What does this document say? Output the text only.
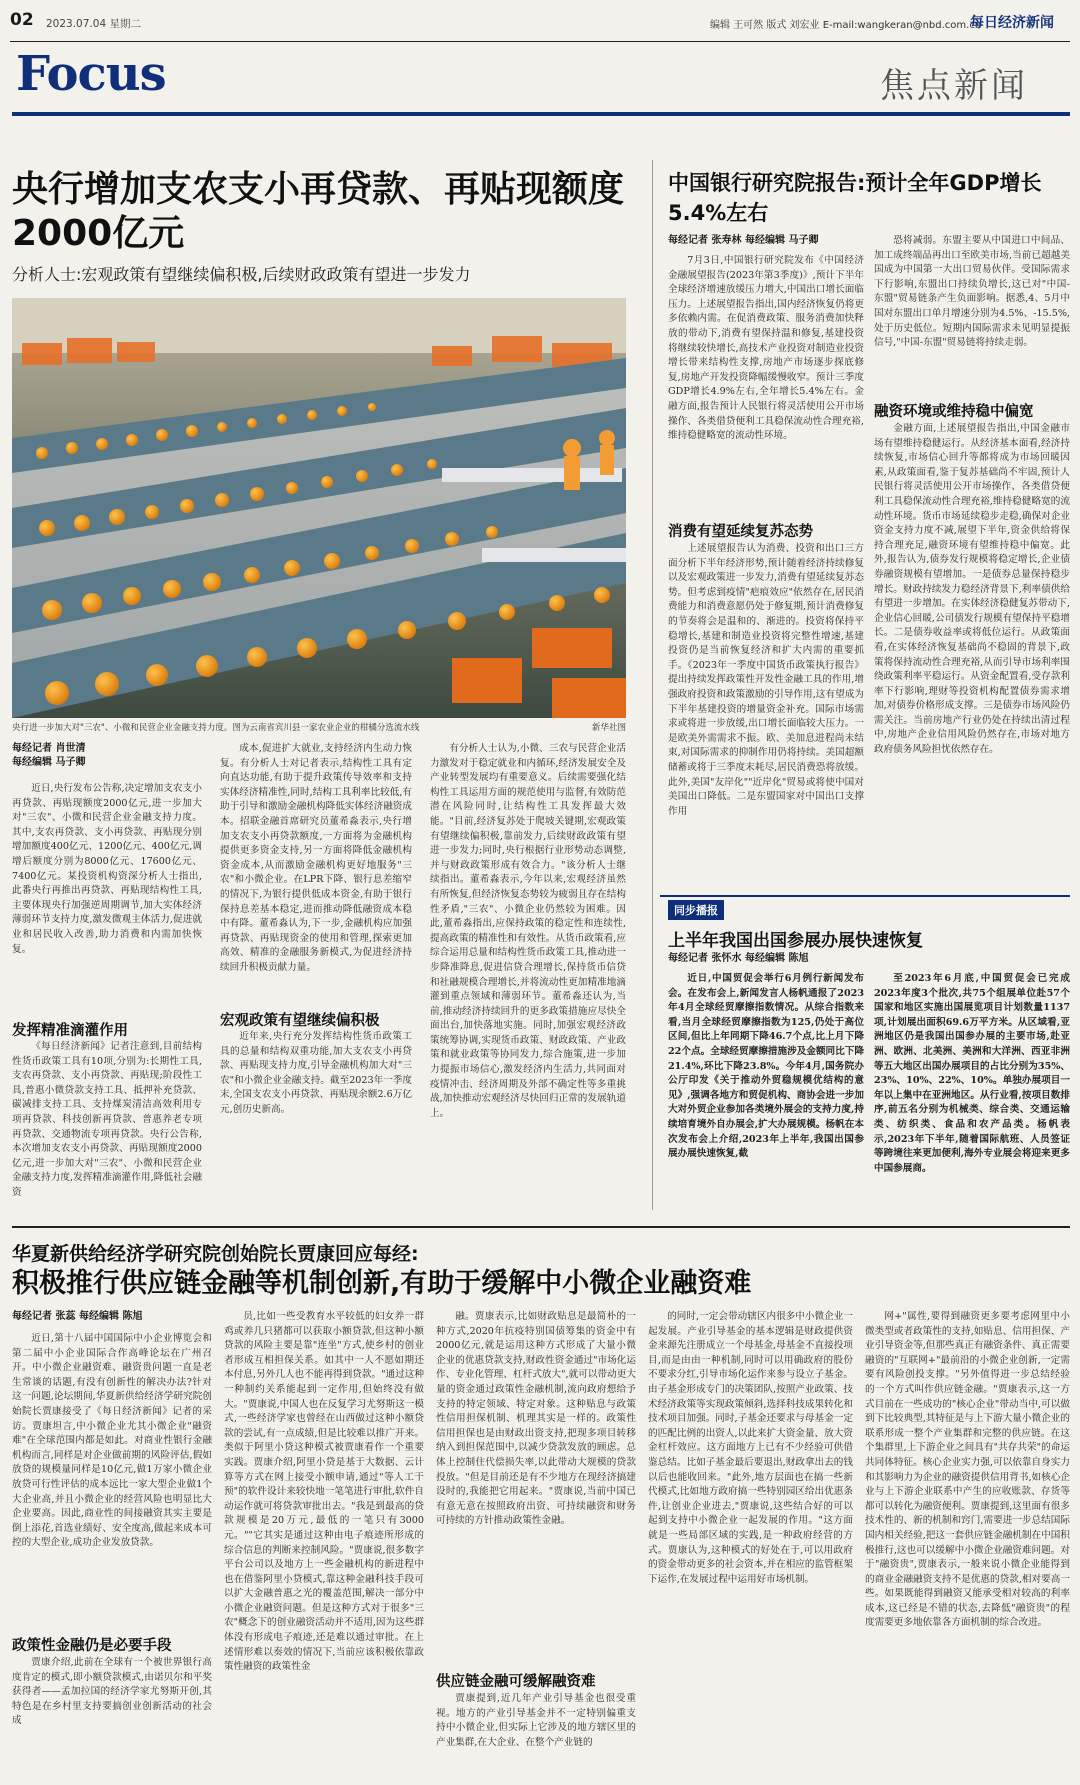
02 2023.07.04 星期二	编辑 王可然 版式 刘宏业 E-mail:wangkeran@nbd.com.cn
每日经济新闻
Focus	焦点新闻
央行增加支农支小再贷款、再贴现额度2000亿元
分析人士:宏观政策有望继续偏积极,后续财政政策有望进一步发力
央行进一步加大对"三农"、小微和民营企业金融支持力度。图为云南省宾川县一家农业企业的柑橘分选流水线	新华社图
每经记者 肖世清
每经编辑 马子卿

近日,央行发布公告称,决定增加支农支小再贷款、再贴现额度2000亿元,进一步加大对"三农"、小微和民营企业金融支持力度。其中,支农再贷款、支小再贷款、再贴现分别增加额度400亿元、1200亿元、400亿元,调增后额度分别为8000亿元、17600亿元、7400亿元。某投资机构资深分析人士指出,此番央行再推出再贷款、再贴现结构性工具,主要体现央行加强逆周期调节,加大实体经济薄弱环节支持力度,激发微观主体活力,促进就业和居民收入改善,助力消费和内需加快恢复。

发挥精准滴灌作用

《每日经济新闻》记者注意到,目前结构性货币政策工具有10项,分别为:长期性工具,支农再贷款、支小再贷款、再贴现;阶段性工具,普惠小微贷款支持工具、抵押补充贷款、碳减排支持工具、支持煤炭清洁高效利用专项再贷款、科技创新再贷款、普惠养老专项再贷款、交通物流专项再贷款。央行公告称,本次增加支农支小再贷款、再贴现额度2000亿元,进一步加大对"三农"、小微和民营企业金融支持力度,发挥精准滴灌作用,降低社会融资

成本,促进扩大就业,支持经济内生动力恢复。有分析人士对记者表示,结构性工具有定向直达功能,有助于提升政策传导效率和支持实体经济精准性,同时,结构工具利率比较低,有助于引导和激励金融机构降低实体经济融资成本。招联金融首席研究员董希淼表示,央行增加支农支小再贷款额度,一方面将为金融机构提供更多资金支持,另一方面将降低金融机构资金成本,从而激励金融机构更好地服务"三农"和小微企业。在LPR下降、银行息差缩窄的情况下,为银行提供低成本资金,有助于银行保持息差基本稳定,进而推动降低融资成本稳中有降。董希淼认为,下一步,金融机构应加强再贷款、再贴现资金的使用和管理,探索更加高效、精准的金融服务新模式,为促进经济持续回升积极贡献力量。

宏观政策有望继续偏积极

近年来,央行充分发挥结构性货币政策工具的总量和结构双重功能,加大支农支小再贷款、再贴现支持力度,引导金融机构加大对"三农"和小微企业金融支持。截至2023年一季度末,全国支农支小再贷款、再贴现余额2.6万亿元,创历史新高。

有分析人士认为,小微、三农与民营企业活力激发对于稳定就业和内循环,经济发展安全及产业转型发展均有重要意义。后续需要强化结构性工具运用方面的规范使用与监督,有效防范潜在风险同时,让结构性工具发挥最大效能。"目前,经济复苏处于爬坡关键期,宏观政策有望继续偏积极,靠前发力,后续财政政策有望进一步发力;同时,央行根据行业形势动态调整,并与财政政策形成有效合力。"该分析人士继续指出。董希淼表示,今年以来,宏观经济虽然有所恢复,但经济恢复态势较为疲弱且存在结构性矛盾,"三农"、小微企业仍然较为困难。因此,董希淼指出,应保持政策的稳定性和连续性,提高政策的精准性和有效性。从货币政策看,应综合运用总量和结构性货币政策工具,推动进一步降准降息,促进信贷合理增长,保持货币信贷和社融规模合理增长,并将流动性更加精准地滴灌到重点领域和薄弱环节。董希淼还认为,当前,推动经济持续回升的更多政策措施应尽快全面出台,加快落地实施。同时,加强宏观经济政策统筹协调,实现货币政策、财政政策、产业政策和就业政策等协同发力,综合施策,进一步加力提振市场信心,激发经济内生活力,共同面对疫情冲击、经济周期及外部不确定性等多重挑战,加快推动宏观经济尽快回归正常的发展轨道上。

中国银行研究院报告:预计全年GDP增长5.4%左右
每经记者 张寿林 每经编辑 马子卿

7月3日,中国银行研究院发布《中国经济金融展望报告(2023年第3季度)》,预计下半年全球经济增速放缓压力增大,中国出口增长面临压力。上述展望报告指出,国内经济恢复仍将更多依赖内需。在促消费政策、服务消费加快释放的带动下,消费有望保持温和修复,基建投资将继续较快增长,高技术产业投资对制造业投资增长带来结构性支撑,房地产市场逐步探底修复,房地产开发投资降幅缓慢收窄。预计三季度GDP增长4.9%左右,全年增长5.4%左右。金融方面,报告预计人民银行将灵活使用公开市场操作、各类借贷便利工具稳保流动性合理充裕,维持稳健略宽的流动性环境。

消费有望延续复苏态势

上述展望报告认为消费、投资和出口三方面分析下半年经济形势,预计随着经济持续修复以及宏观政策进一步发力,消费有望延续复苏态势。但考虑到疫情"疤痕效应"依然存在,居民消费能力和消费意愿仍处于修复期,预计消费修复的节奏将会是温和的、渐进的。投资将保持平稳增长,基建和制造业投资将完整性增速,基建投资仍是当前恢复经济和扩大内需的重要抓手。《2023年一季度中国货币政策执行报告》提出持续发挥政策性开发性金融工具的作用,增强政府投资和政策激励的引导作用,这有望成为下半年基建投资的增量资金补充。国际市场需求或将进一步放缓,出口增长面临较大压力。一是欧美外需需求不振。欧、美加息进程尚未结束,对国际需求的抑制作用仍将持续。美国超额储蓄或将于三季度末耗尽,居民消费恐将放缓。此外,美国"友岸化""近岸化"贸易或将使中国对美国出口降低。二是东盟国家对中国出口支撑作用

恐将减弱。东盟主要从中国进口中间品、加工成终端品再出口至欧美市场,当前已超越美国成为中国第一大出口贸易伙伴。受国际需求下行影响,东盟出口持续负增长,这已对"中国-东盟"贸易链条产生负面影响。据悉,4、5月中国对东盟出口单月增速分别为4.5%、-15.5%,处于历史低位。短期内国际需求未见明显提振信号,"中国-东盟"贸易链将持续走弱。

融资环境或维持稳中偏宽

金融方面,上述展望报告指出,中国金融市场有望维持稳健运行。从经济基本面看,经济持续恢复,市场信心回升等都将成为市场回暖因素,从政策面看,鉴于复苏基础尚不牢固,预计人民银行将灵活使用公开市场操作、各类借贷便利工具稳保流动性合理充裕,维持稳健略宽的流动性环境。货币市场延续稳步走稳,确保对企业资金支持力度不减,展望下半年,资金供给将保持合理充足,融资环境有望维持稳中偏宽。此外,报告认为,债券发行规模将稳定增长,企业债券融资规模有望增加。一是债券总量保持稳步增长。财政持续发力稳经济背景下,利率债供给有望进一步增加。在实体经济稳健复苏带动下,企业信心回暖,公司债发行规模有望保持平稳增长。二是债券收益率或将低位运行。从政策面看,在实体经济恢复基础尚不稳固的背景下,政策将保持流动性合理充裕,从而引导市场利率围绕政策利率平稳运行。从资金配置看,受存款利率下行影响,理财等投资机构配置债券需求增加,对债券价格形成支撑。三是债券市场风险仍需关注。当前房地产行业仍处在持续出清过程中,房地产企业信用风险仍然存在,市场对地方政府债务风险担忧依然存在。

同步播报
上半年我国出国参展办展快速恢复
每经记者 张怀水 每经编辑 陈旭

近日,中国贸促会举行6月例行新闻发布会。在发布会上,新闻发言人杨帆通报了2023年4月全球经贸摩擦指数情况。从综合指数来看,当月全球经贸摩擦指数为125,仍处于高位区间,但比上年同期下降46.7个点,比上月下降22个点。全球经贸摩擦措施涉及金额同比下降21.4%,环比下降23.8%。今年4月,国务院办公厅印发《关于推动外贸稳规模优结构的意见》,强调各地方和贸促机构、商协会进一步加大对外贸企业参加各类境外展会的支持力度,持续培育境外自办展会,扩大办展规模。杨帆在本次发布会上介绍,2023年上半年,我国出国参展办展快速恢复,截

至2023年6月底,中国贸促会已完成2023年度3个批次,共75个组展单位赴57个国家和地区实施出国展览项目计划数量1137项,计划展出面积69.6万平方米。从区域看,亚洲地区仍是我国出国参办展的主要市场,赴亚洲、欧洲、北美洲、美洲和大洋洲、西亚非洲等五大地区出国办展项目的占比分别为35%、23%、10%、22%、10%。单独办展项目一年以上集中在亚洲地区。从行业看,按项目数排序,前五名分别为机械类、综合类、交通运输类、纺织类、食品和农产品类。杨帆表示,2023年下半年,随着国际航班、人员签证等跨境往来更加便利,海外专业展会将迎来更多中国参展商。

华夏新供给经济学研究院创始院长贾康回应每经:
积极推行供应链金融等机制创新,有助于缓解中小微企业融资难
每经记者 张蕊 每经编辑 陈旭

近日,第十八届中国国际中小企业博览会和第二届中小企业国际合作高峰论坛在广州召开。中小微企业融资难、融资贵问题一直是老生常谈的话题,有没有创新性的解决办法?针对这一问题,论坛期间,华夏新供给经济学研究院创始院长贾康接受了《每日经济新闻》记者的采访。贾康坦言,中小微企业尤其小微企业"融资难"在全球范围内都是如此。对商业性银行金融机构而言,同样是对企业做前期的风险评估,假如放贷的规模量同样是10亿元,做1万家小微企业放贷可行性评估的成本远比一家大型企业做1个大企业高,并且小微企业的经营风险也明显比大企业要高。因此,商业性的间接融资其实主要是倒上添花,首选业绩好、安全度高,做起来成本可控的大型企业,成功企业发放贷款。

政策性金融仍是必要手段

贾康介绍,此前在全球有一个被世界银行高度肯定的模式,即小额贷款模式,由诺贝尔和平奖获得者——孟加拉国的经济学家尤努斯开创,其特色是在乡村里支持要搞创业创新活动的社会成

员,比如一些受教育水平较低的妇女养一群鸡或养几只猪都可以获取小额贷款,但这种小额贷款的风险主要是靠"连坐"方式,使乡村的创业者形成互相担保关系。如其中一人不愿如期还本付息,另外几人也不能再得到贷款。"通过这种一种制约关系能起到一定作用,但始终没有做大。"贾康说,中国人也在反复学习尤努斯这一模式,一些经济学家也曾经在山西做过这种小额贷款的尝试,有一点成绩,但是比较难以推广开来。类似于阿里小贷这种模式被贾康看作一个重要实践。贾康介绍,阿里小贷是基于大数据、云计算等方式在网上接受小额申请,通过"等人工干预"的软件设计来较快地一笔笔进行审批,软件自动运作就可将贷款审批出去。"我是到最高的贷款规模是20万元,最低的一笔只有3000元。""它其实是通过这种由电子痕迹所形成的综合信息的判断来控制风险。"贾康说,很多数字平台公司以及地方上一些金融机构的新进程中也在借鉴阿里小贷模式,靠这种金融科技手段可以扩大金融普惠之光的覆盖范围,解决一部分中小微企业融资问题。但是这种方式对于很多"三农"概念下的创业融资活动并不适用,因为这些群体没有形成电子痕迹,还是难以通过审批。在上述情形难以奏效的情况下,当前应该积极依靠政策性融资的政策性金

融。贾康表示,比如财政贴息是最简朴的一种方式,2020年抗疫特别国债筹集的资金中有2000亿元,就是运用这种方式形成了大量小微企业的优惠贷款支持,财政性资金通过"市场化运作、专业化管理、杠杆式放大",就可以带动更大量的资金通过政策性金融机制,流向政府想给予支持的特定领域、特定对象。这种贴息与政策性信用担保机制、机理其实是一样的。政策性信用担保也是由财政出资支持,把现多项目转移纳入到担保范围中,以减少贷款发放的顾虑。总体上控制住代偿损失率,以此带动大规模的贷款投放。"但是目前还是有不少地方在现经济搞建设时的,我能把它用起来。"贾康说,当前中国已有意无意在按照政府出资、可持续融资和财务可持续的方针推动政策性金融。

供应链金融可缓解融资难

贾康提到,近几年产业引导基金也很受重视。地方的产业引导基金并不一定特别偏重支持中小微企业,但实际上它涉及的地方辖区里的产业集群,在大企业、在整个产业链的

的同时,一定会带动辖区内很多中小微企业一起发展。产业引导基金的基本逻辑是财政提供资金来源先注册成立一个母基金,母基金不直接投项目,而是由由一种机制,同时可以用确政府的股份不要求分红,引导市场化运作来参与设立子基金。由子基金形成专门的决策团队,按照产业政策、技术经济政策等实现政策倾斜,选择科技成果转化和技术项目加强。同时,子基金还要求与母基金一定的匹配比例的出资人,以此来扩大资金量、放大资金杠杆效应。这方面地方上已有不少经验可供借鉴总结。比如子基金最后要退出,财政拿出去的钱以后也能收回来。"此外,地方层面也在搞一些新代模式,比如地方政府搞一些特别园区给出优惠条件,让创业企业进去,"贾康说,这些结合好的可以起到支持中小微企业一起发展的作用。"这方面就是一些局部区域的实践,是一种政府经营的方式。贾康认为,这种模式的好处在于,可以用政府的资金带动更多的社会资本,并在相应的监管框架下运作,在发展过程中运用好市场机制。

网+"属性,要得到融资更多要考虑网里中小微类型或者政策性的支持,如贴息、信用担保、产业引导资金等,但那些真正有融资条件、真正需要融资的"互联网+"最前沿的小微企业创新,一定需要有风险创投支撑。"另外值得进一步总结经验的一个方式叫作供应链金融。"贾康表示,这一方式目前在一些成功的"核心企业"带动当中,可以做到下比较典型,其特征是与上下游大量小微企业的联系形成一整个产业集群和完整的供应链。在这个集群里,上下游企业之间具有"共存共荣"的命运共同体特征。核心企业实力强,可以依靠自身实力和其影响力为企业的融资提供信用背书,如核心企业与上下游企业联系中产生的应收账款、存货等都可以转化为融资便利。贾康提到,这里面有很多技术性的、新的机制和窍门,需要进一步总结国际国内相关经验,把这一套供应链金融机制在中国积极推行,这也可以缓解中小微企业融资难问题。对于"融资贵",贾康表示,一般来说小微企业能得到的商业金融融资支持不是优惠的贷款,相对要高一些。如果既能得到融资又能承受相对较高的利率成本,这已经是不错的状态,去降低"融资贵"的程度需要更多地依靠各方面机制的综合改进。
